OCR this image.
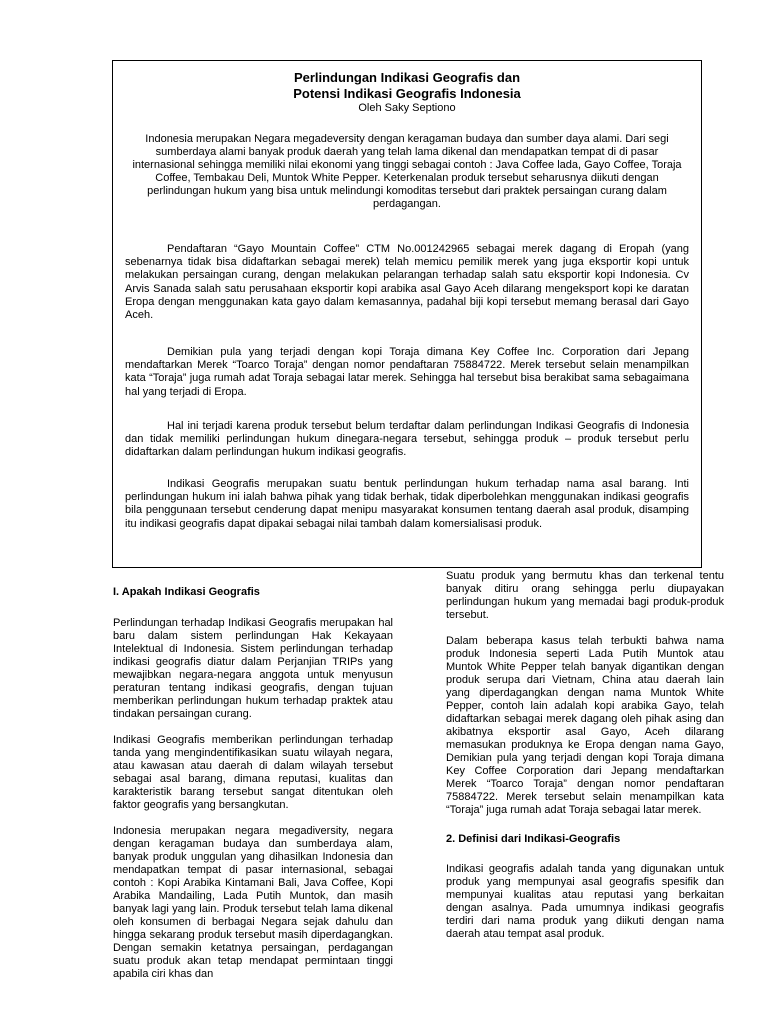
Perlindungan Indikasi Geografis dan
Potensi Indikasi Geografis Indonesia
Oleh Saky Septiono

Indonesia merupakan Negara megadeversity dengan keragaman budaya dan sumber daya alami. Dari segi sumberdaya alami banyak produk daerah yang telah lama dikenal dan mendapatkan tempat di di pasar internasional sehingga memiliki nilai ekonomi yang tinggi sebagai contoh : Java Coffee lada, Gayo Coffee, Toraja Coffee, Tembakau Deli, Muntok White Pepper. Keterkenalan produk tersebut seharusnya diikuti dengan perlindungan hukum yang bisa untuk melindungi komoditas tersebut dari praktek persaingan curang dalam perdagangan.

Pendaftaran “Gayo Mountain Coffee” CTM No.001242965 sebagai merek dagang di Eropah (yang sebenarnya tidak bisa didaftarkan sebagai merek) telah memicu pemilik merek yang juga eksportir kopi untuk melakukan persaingan curang, dengan melakukan pelarangan terhadap salah satu eksportir kopi Indonesia. Cv Arvis Sanada salah satu perusahaan eksportir kopi arabika asal Gayo Aceh dilarang mengeksport kopi ke daratan Eropa dengan menggunakan kata gayo dalam kemasannya, padahal biji kopi tersebut memang berasal dari Gayo Aceh.

Demikian pula yang terjadi dengan kopi Toraja dimana Key Coffee Inc. Corporation dari Jepang mendaftarkan Merek “Toarco Toraja” dengan nomor pendaftaran 75884722. Merek tersebut selain menampilkan kata “Toraja” juga rumah adat Toraja sebagai latar merek. Sehingga hal tersebut bisa berakibat sama sebagaimana hal yang terjadi di Eropa.

Hal ini terjadi karena produk tersebut belum terdaftar dalam perlindungan Indikasi Geografis di Indonesia dan tidak memiliki perlindungan hukum dinegara-negara tersebut, sehingga produk – produk tersebut perlu didaftarkan dalam perlindungan hukum indikasi geografis.

Indikasi Geografis merupakan suatu bentuk perlindungan hukum terhadap nama asal barang. Inti perlindungan hukum ini ialah bahwa pihak yang tidak berhak, tidak diperbolehkan menggunakan indikasi geografis bila penggunaan tersebut cenderung dapat menipu masyarakat konsumen tentang daerah asal produk, disamping itu indikasi geografis dapat dipakai sebagai nilai tambah dalam komersialisasi produk.

I. Apakah Indikasi Geografis

Perlindungan terhadap Indikasi Geografis merupakan hal baru dalam sistem perlindungan Hak Kekayaan Intelektual di Indonesia. Sistem perlindungan terhadap indikasi geografis diatur dalam Perjanjian TRIPs yang mewajibkan negara-negara anggota untuk menyusun peraturan tentang indikasi geografis, dengan tujuan memberikan perlindungan hukum terhadap praktek atau tindakan persaingan curang.

Indikasi Geografis memberikan perlindungan terhadap tanda yang mengindentifikasikan suatu wilayah negara, atau kawasan atau daerah di dalam wilayah tersebut sebagai asal barang, dimana reputasi, kualitas dan karakteristik barang tersebut sangat ditentukan oleh faktor geografis yang bersangkutan.

Indonesia merupakan negara megadiversity, negara dengan keragaman budaya dan sumberdaya alam, banyak produk unggulan yang dihasilkan Indonesia dan mendapatkan tempat di pasar internasional, sebagai contoh : Kopi Arabika Kintamani Bali, Java Coffee, Kopi Arabika Mandailing, Lada Putih Muntok, dan masih banyak lagi yang lain. Produk tersebut telah lama dikenal oleh konsumen di berbagai Negara sejak dahulu dan hingga sekarang produk tersebut masih diperdagangkan. Dengan semakin ketatnya persaingan, perdagangan suatu produk akan tetap mendapat permintaan tinggi apabila ciri khas dan

Suatu produk yang bermutu khas dan terkenal tentu banyak ditiru orang sehingga perlu diupayakan perlindungan hukum yang memadai bagi produk-produk tersebut.

Dalam beberapa kasus telah terbukti bahwa nama produk Indonesia seperti Lada Putih Muntok atau Muntok White Pepper telah banyak digantikan dengan produk serupa dari Vietnam, China atau daerah lain yang diperdagangkan dengan nama Muntok White Pepper, contoh lain adalah kopi arabika Gayo, telah didaftarkan sebagai merek dagang oleh pihak asing dan akibatnya eksportir asal Gayo, Aceh dilarang memasukan produknya ke Eropa dengan nama Gayo, Demikian pula yang terjadi dengan kopi Toraja dimana Key Coffee Corporation dari Jepang mendaftarkan Merek “Toarco Toraja” dengan nomor pendaftaran 75884722. Merek tersebut selain menampilkan kata “Toraja” juga rumah adat Toraja sebagai latar merek.

2. Definisi dari Indikasi-Geografis

Indikasi geografis adalah tanda yang digunakan untuk produk yang mempunyai asal geografis spesifik dan mempunyai kualitas atau reputasi yang berkaitan dengan asalnya. Pada umumnya indikasi geografis terdiri dari nama produk yang diikuti dengan nama daerah atau tempat asal produk.
